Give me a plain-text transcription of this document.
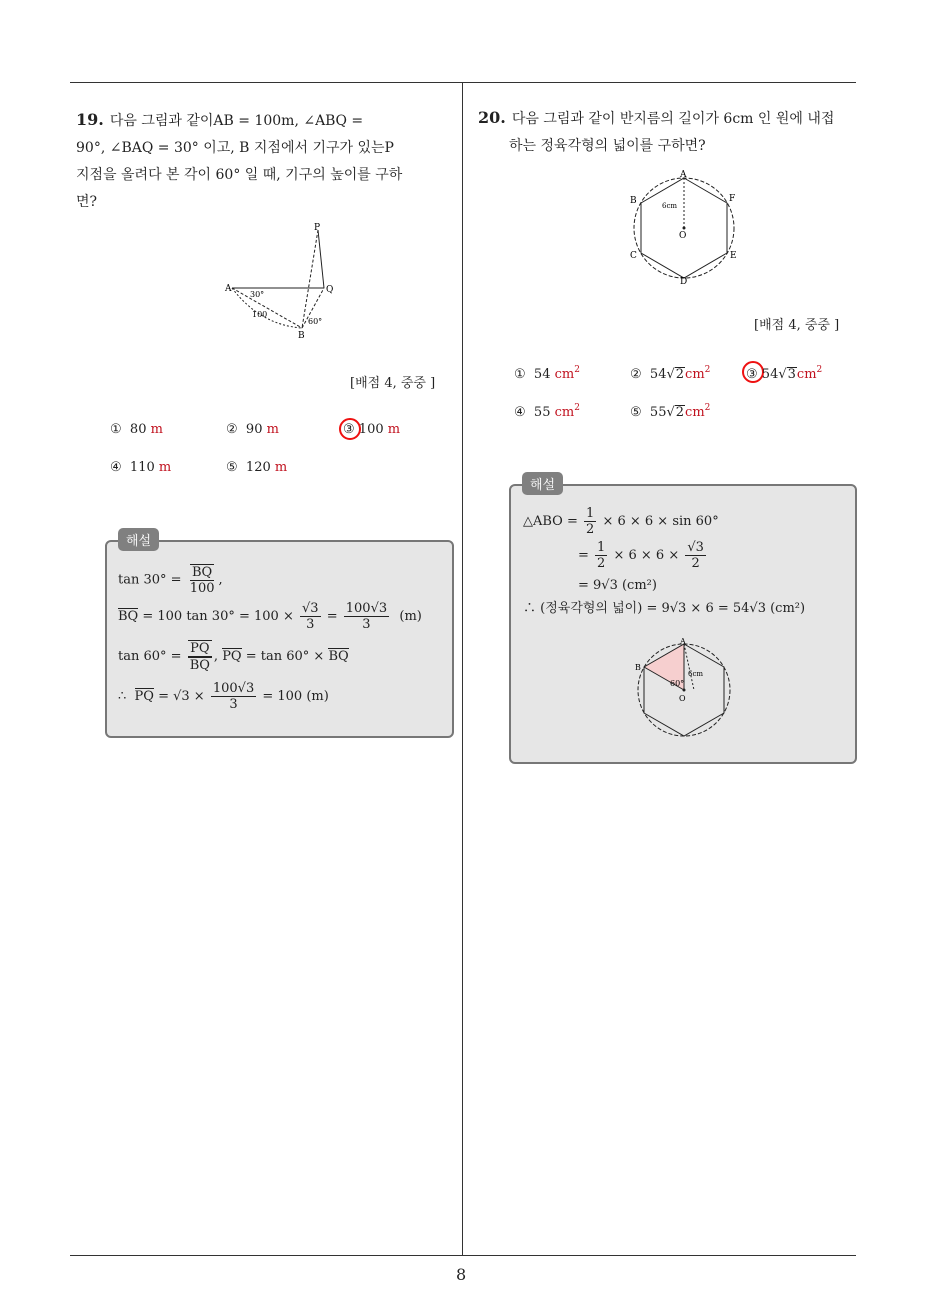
19. 다음 그림과 같이AB = 100m, ∠ABQ =
90°, ∠BAQ = 30° 이고, B 지점에서 기구가 있는P
지점을 올려다 본 각이 60° 일 때, 기구의 높이를 구하
면?
P
Q
A
B
30°
60°
100
[배점 4, 중중 ]
① 80 m	② 90 m	③ 100 m
④ 110 m	⑤ 120 m
해설
$\tan 30^\circ = \frac{BQ}{100}$ ,
BQ = 100 $\tan 30^\circ = 100 \times \frac{√3}{3} = \frac{100√3}{3} (m)$
$\tan 60^\circ = \frac{PQ}{BQ}$ , PQ = tan 60° × BQ
∴ PQ = $√3 \times \frac{100√3}{3} = 100$ (m)
20. 다음 그림과 같이 반지름의 길이가 6cm 인 원에 내접
하는 정육각형의 넓이를 구하면?
A
B
C
D
E
F
O
6cm
[배점 4, 중중 ]
① 54 $cm^2$	② $54√2cm^2$	③ $54√3cm^2$
④ 55 $cm^2$	⑤ $55√2cm^2$
해설
△ABO = $\frac{1}{2} \times 6 \times 6 \times \sin 60^\circ$
= $\frac{1}{2} \times 6 \times 6 \times \frac{√3}{2}$
= 9√3 (cm²)
∴ (정육각형의 넓이) = 9√3 × 6 = 54√3 (cm²)
A
B
O
60°
6cm
8
